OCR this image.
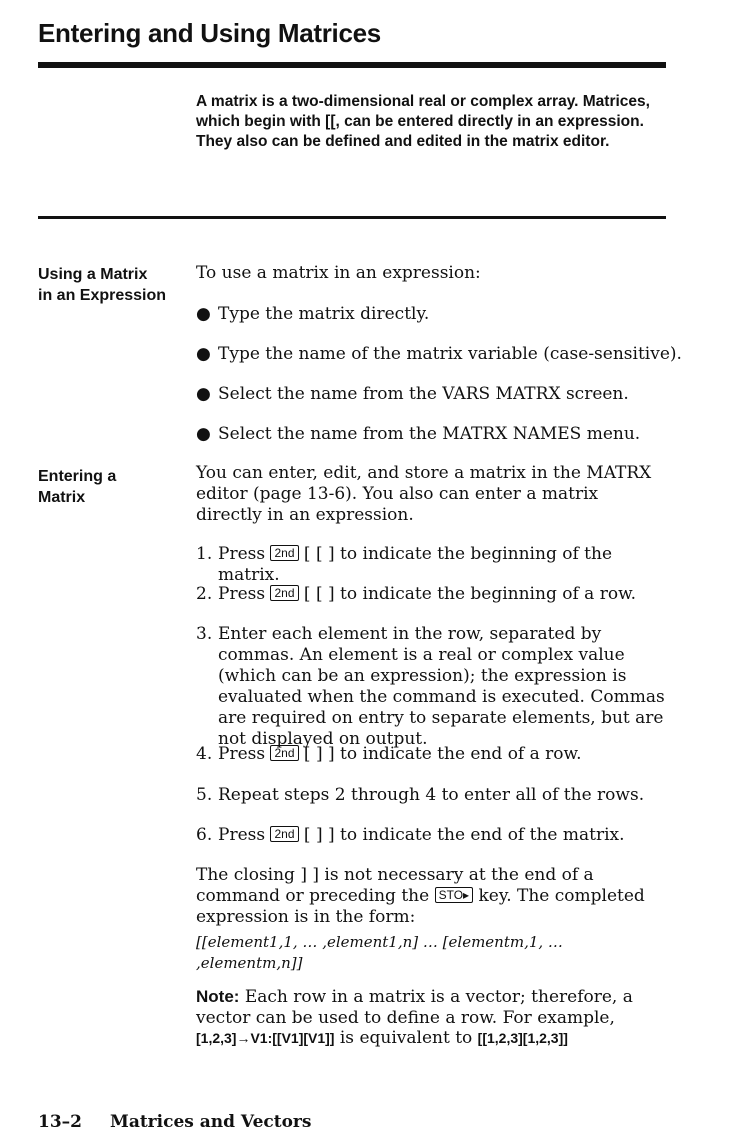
Entering and Using Matrices
A matrix is a two-dimensional real or complex array. Matrices, which begin with [[, can be entered directly in an expression. They also can be defined and edited in the matrix editor.
Using a Matrix
in an Expression
To use a matrix in an expression:
● Type the matrix directly.
● Type the name of the matrix variable (case-sensitive).
● Select the name from the VARS MATRX screen.
● Select the name from the MATRX NAMES menu.
Entering a
Matrix
You can enter, edit, and store a matrix in the MATRX editor (page 13-6). You also can enter a matrix directly in an expression.
1. Press 2nd [ [ ] to indicate the beginning of the matrix.
2. Press 2nd [ [ ] to indicate the beginning of a row.
3. Enter each element in the row, separated by commas. An element is a real or complex value (which can be an expression); the expression is evaluated when the command is executed. Commas are required on entry to separate elements, but are not displayed on output.
4. Press 2nd [ ] ] to indicate the end of a row.
5. Repeat steps 2 through 4 to enter all of the rows.
6. Press 2nd [ ] ] to indicate the end of the matrix.
The closing ] ] is not necessary at the end of a command or preceding the STO▸ key. The completed expression is in the form:
[[element1,1, … ,element1,n] … [elementm,1, … ,elementm,n]]
Note: Each row in a matrix is a vector; therefore, a vector can be used to define a row. For example,
[1,2,3]→V1:[[V1][V1]] is equivalent to [[1,2,3][1,2,3]]
13–2 Matrices and Vectors
